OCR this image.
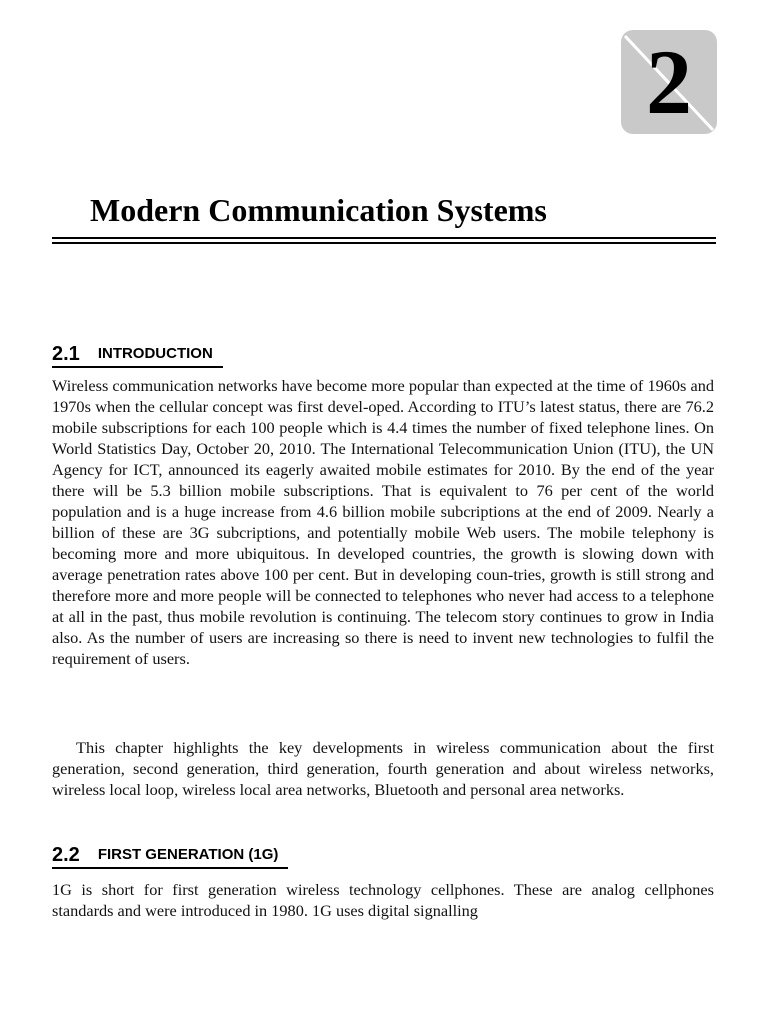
2
Modern Communication Systems
2.1 INTRODUCTION

Wireless communication networks have become more popular than expected at the time of 1960s and 1970s when the cellular concept was first devel-oped. According to ITU’s latest status, there are 76.2 mobile subscriptions for each 100 people which is 4.4 times the number of fixed telephone lines. On World Statistics Day, October 20, 2010. The International Telecommunication Union (ITU), the UN Agency for ICT, announced its eagerly awaited mobile estimates for 2010. By the end of the year there will be 5.3 billion mobile subscriptions. That is equivalent to 76 per cent of the world population and is a huge increase from 4.6 billion mobile subcriptions at the end of 2009. Nearly a billion of these are 3G subcriptions, and potentially mobile Web users. The mobile telephony is becoming more and more ubiquitous. In developed countries, the growth is slowing down with average penetration rates above 100 per cent. But in developing coun-tries, growth is still strong and therefore more and more people will be connected to telephones who never had access to a telephone at all in the past, thus mobile revolution is continuing. The telecom story continues to grow in India also. As the number of users are increasing so there is need to invent new technologies to fulfil the requirement of users.

This chapter highlights the key developments in wireless communication about the first generation, second generation, third generation, fourth generation and about wireless networks, wireless local loop, wireless local area networks, Bluetooth and personal area networks.

2.2 FIRST GENERATION (1G)

1G is short for first generation wireless technology cellphones. These are analog cellphones standards and were introduced in 1980. 1G uses digital signalling
